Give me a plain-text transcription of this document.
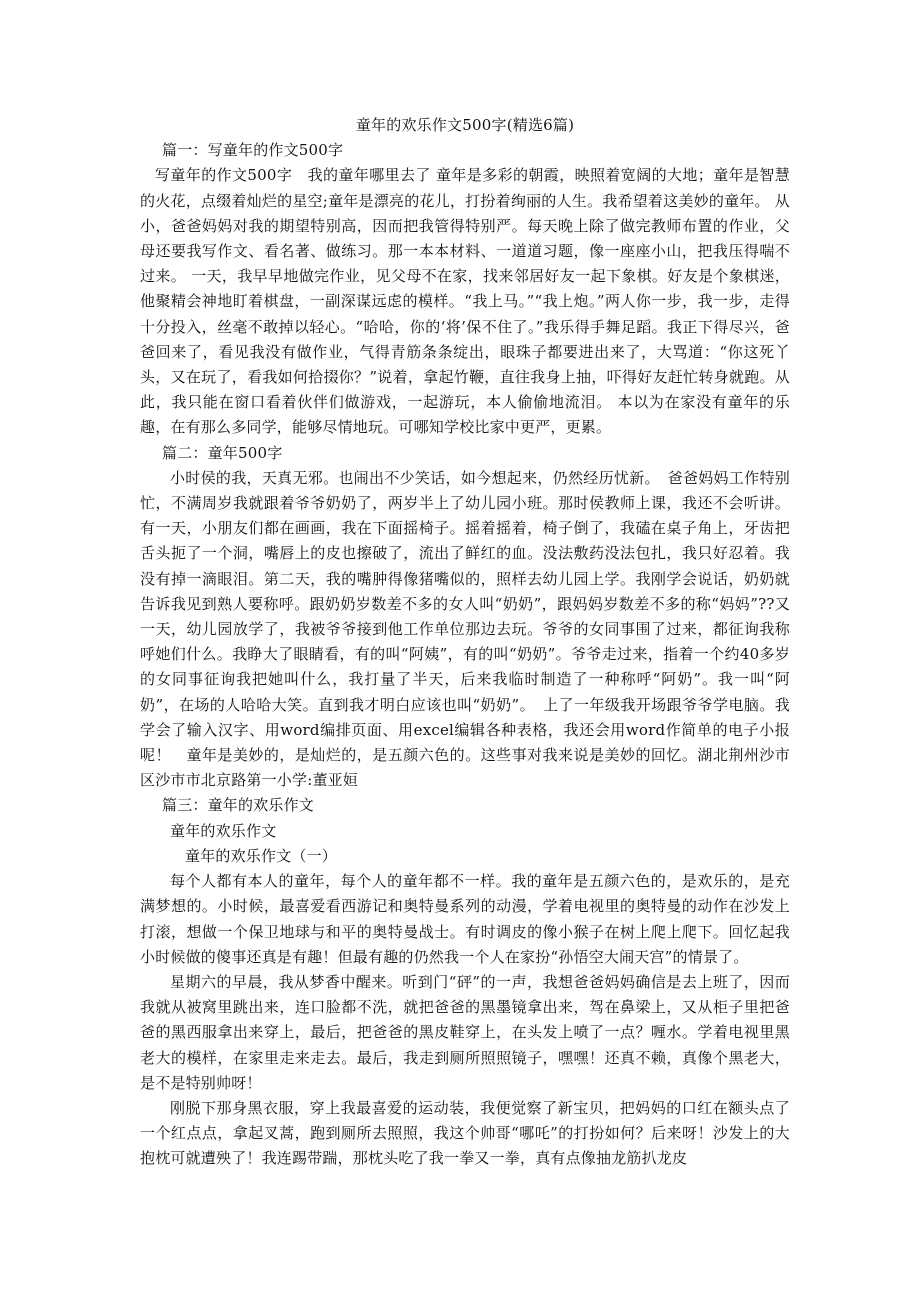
童年的欢乐作文500字(精选6篇)

篇一：写童年的作文500字

写童年的作文500字　我的童年哪里去了 童年是多彩的朝霞，映照着宽阔的大地；童年是智慧的火花，点缀着灿烂的星空;童年是漂亮的花儿，打扮着绚丽的人生。我希望着这美妙的童年。 从小，爸爸妈妈对我的期望特别高，因而把我管得特别严。每天晚上除了做完教师布置的作业，父母还要我写作文、看名著、做练习。那一本本材料、一道道习题，像一座座小山，把我压得喘不过来。 一天，我早早地做完作业，见父母不在家，找来邻居好友一起下象棋。好友是个象棋迷，他聚精会神地盯着棋盘，一副深谋远虑的模样。“我上马。”“我上炮。”两人你一步，我一步，走得十分投入，丝毫不敢掉以轻心。“哈哈，你的‘将’保不住了。”我乐得手舞足蹈。我正下得尽兴，爸爸回来了，看见我没有做作业，气得青筋条条绽出，眼珠子都要进出来了，大骂道：“你这死丫头，又在玩了，看我如何拾掇你？”说着，拿起竹鞭，直往我身上抽，吓得好友赶忙转身就跑。从此，我只能在窗口看着伙伴们做游戏，一起游玩，本人偷偷地流泪。 本以为在家没有童年的乐趣，在有那么多同学，能够尽情地玩。可哪知学校比家中更严，更累。

篇二：童年500字

小时侯的我，天真无邪。也闹出不少笑话，如今想起来，仍然经历忧新。　爸爸妈妈工作特别忙，不满周岁我就跟着爷爷奶奶了，两岁半上了幼儿园小班。那时侯教师上课，我还不会听讲。有一天，小朋友们都在画画，我在下面摇椅子。摇着摇着，椅子倒了，我磕在桌子角上，牙齿把舌头扼了一个洞，嘴唇上的皮也擦破了，流出了鲜红的血。没法敷药没法包扎，我只好忍着。我没有掉一滴眼泪。第二天，我的嘴肿得像猪嘴似的，照样去幼儿园上学。我刚学会说话，奶奶就告诉我见到熟人要称呼。跟奶奶岁数差不多的女人叫“奶奶”，跟妈妈岁数差不多的称“妈妈”??又一天，幼儿园放学了，我被爷爷接到他工作单位那边去玩。爷爷的女同事围了过来，都征询我称呼她们什么。我睁大了眼睛看，有的叫“阿姨”，有的叫“奶奶”。爷爷走过来，指着一个约40多岁的女同事征询我把她叫什么，我打量了半天，后来我临时制造了一种称呼“阿奶”。我一叫“阿奶”，在场的人哈哈大笑。直到我才明白应该也叫“奶奶”。　上了一年级我开场跟爷爷学电脑。我学会了输入汉字、用word编排页面、用excel编辑各种表格，我还会用word作简单的电子小报呢！　童年是美妙的，是灿烂的，是五颜六色的。这些事对我来说是美妙的回忆。湖北荆州沙市区沙市市北京路第一小学:董亚姮

篇三：童年的欢乐作文

童年的欢乐作文

童年的欢乐作文（一）

每个人都有本人的童年，每个人的童年都不一样。我的童年是五颜六色的，是欢乐的，是充满梦想的。小时候，最喜爱看西游记和奥特曼系列的动漫，学着电视里的奥特曼的动作在沙发上打滚，想做一个保卫地球与和平的奥特曼战士。有时调皮的像小猴子在树上爬上爬下。回忆起我小时候做的傻事还真是有趣！但最有趣的仍然我一个人在家扮“孙悟空大闹天宫”的情景了。

星期六的早晨，我从梦香中醒来。听到门“砰”的一声，我想爸爸妈妈确信是去上班了，因而我就从被窝里跳出来，连口脸都不洗，就把爸爸的黑墨镜拿出来，驾在鼻梁上，又从柜子里把爸爸的黑西服拿出来穿上，最后，把爸爸的黑皮鞋穿上，在头发上喷了一点？喱水。学着电视里黑老大的模样，在家里走来走去。最后，我走到厕所照照镜子，嘿嘿！还真不赖，真像个黑老大，是不是特别帅呀！

刚脱下那身黑衣服，穿上我最喜爱的运动装，我便觉察了新宝贝，把妈妈的口红在额头点了一个红点点，拿起叉蒿，跑到厕所去照照，我这个帅哥“哪吒”的打扮如何？后来呀！沙发上的大抱枕可就遭殃了！我连踢带踹，那枕头吃了我一拳又一拳，真有点像抽龙筋扒龙皮
